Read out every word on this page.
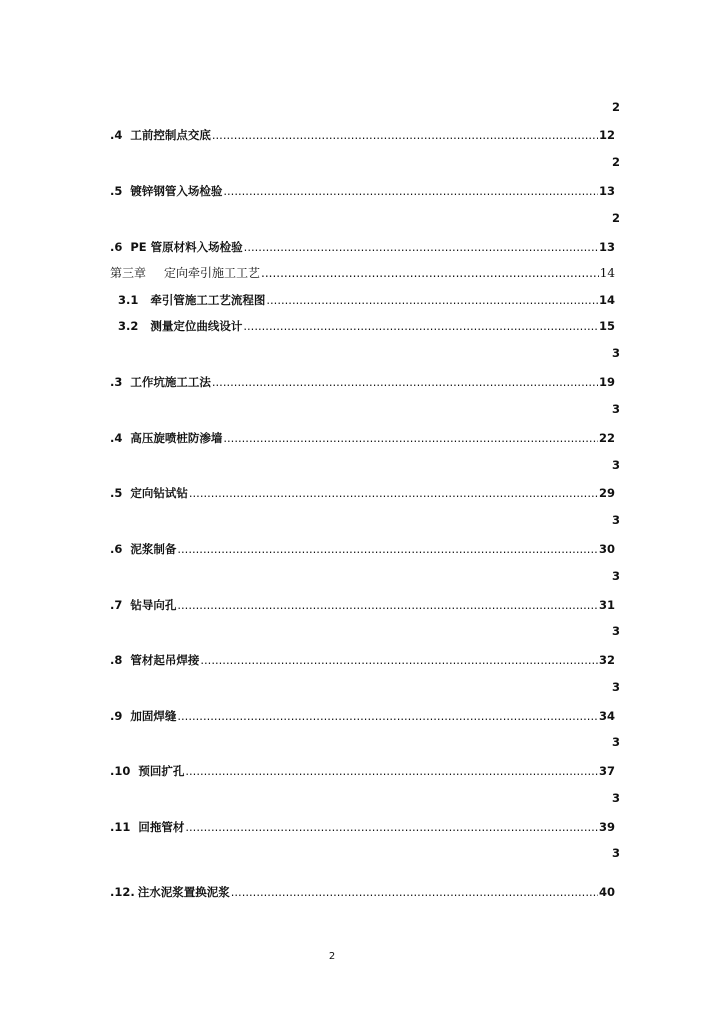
2
.4 工前控制点交底 .....	12
2
.5 镀锌钢管入场检验 .....	13
2
.6 PE 管原材料入场检验 .....	13
第三章 定向牵引施工工艺 .....	14
3.1 牵引管施工工艺流程图 .....	14
3.2 测量定位曲线设计 .....	15
3
.3 工作坑施工工法 .....	19
3
.4 高压旋喷桩防渗墙 .....	22
3
.5 定向钻试钻 .....	29
3
.6 泥浆制备 .....	30
3
.7 钻导向孔 .....	31
3
.8 管材起吊焊接 .....	32
3
.9 加固焊缝 .....	34
3
.10 预回扩孔 .....	37
3
.11 回拖管材 .....	39
3
.12. 注水泥浆置换泥浆 .....	40
2
